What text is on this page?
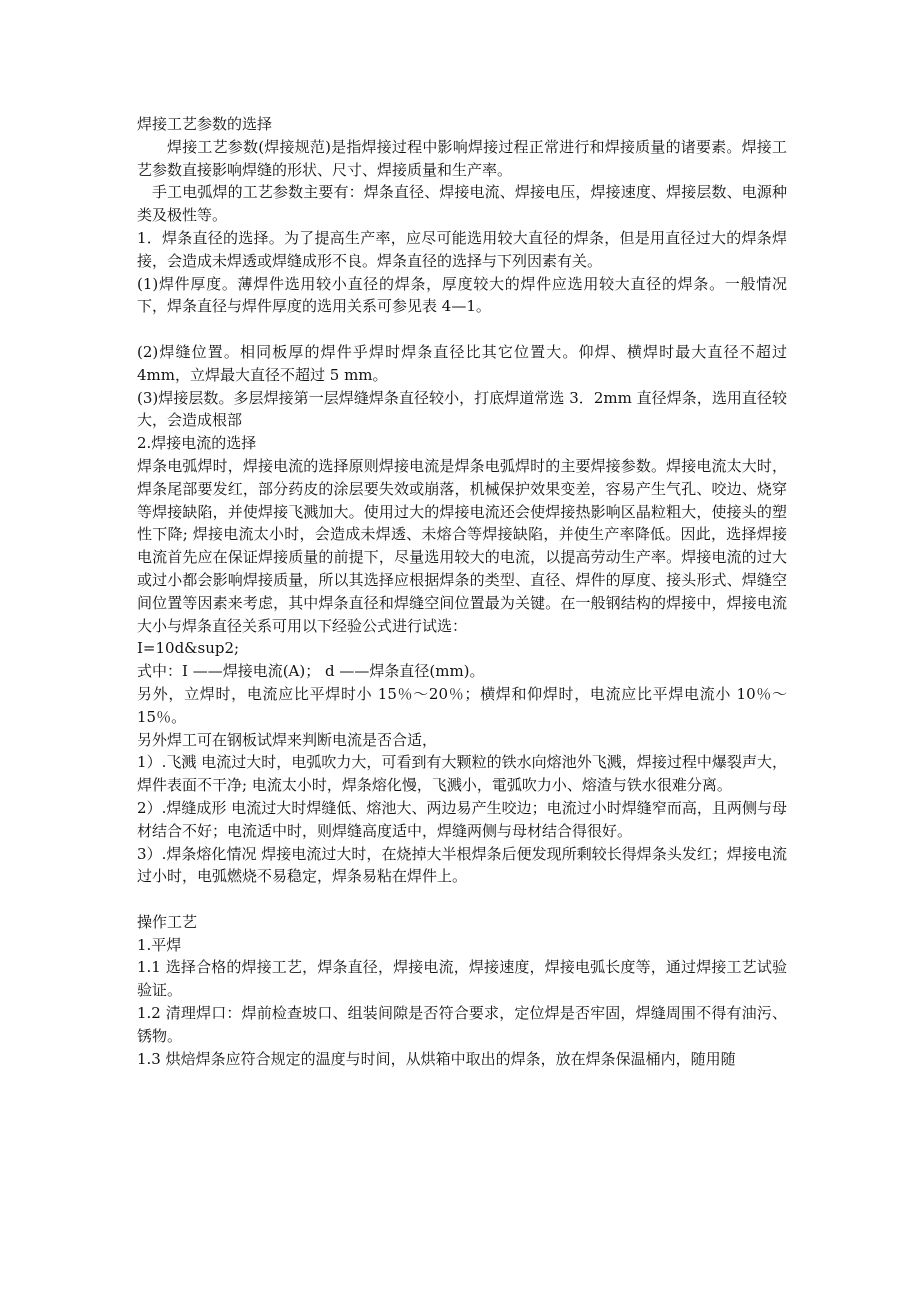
焊接工艺参数的选择

焊接工艺参数(焊接规范)是指焊接过程中影响焊接过程正常进行和焊接质量的诸要素。焊接工艺参数直接影响焊缝的形状、尺寸、焊接质量和生产率。

手工电弧焊的工艺参数主要有：焊条直径、焊接电流、焊接电压，焊接速度、焊接层数、电源种类及极性等。

1．焊条直径的选择。为了提高生产率，应尽可能选用较大直径的焊条，但是用直径过大的焊条焊接，会造成未焊透或焊缝成形不良。焊条直径的选择与下列因素有关。

(1)焊件厚度。薄焊件选用较小直径的焊条，厚度较大的焊件应选用较大直径的焊条。一般情况下，焊条直径与焊件厚度的选用关系可参见表 4—1。

(2)焊缝位置。相同板厚的焊件乎焊时焊条直径比其它位置大。仰焊、横焊时最大直径不超过 4mm，立焊最大直径不超过 5 mm。

(3)焊接层数。多层焊接第一层焊缝焊条直径较小，打底焊道常选 3．2mm 直径焊条，选用直径较大，会造成根部

2.焊接电流的选择

焊条电弧焊时，焊接电流的选择原则焊接电流是焊条电弧焊时的主要焊接参数。焊接电流太大时，焊条尾部要发红，部分药皮的涂层要失效或崩落，机械保护效果变差，容易产生气孔、咬边、烧穿等焊接缺陷，并使焊接飞溅加大。使用过大的焊接电流还会使焊接热影响区晶粒粗大，使接头的塑性下降; 焊接电流太小时，会造成未焊透、未熔合等焊接缺陷，并使生产率降低。因此，选择焊接电流首先应在保证焊接质量的前提下，尽量选用较大的电流，以提高劳动生产率。焊接电流的过大或过小都会影响焊接质量，所以其选择应根据焊条的类型、直径、焊件的厚度、接头形式、焊缝空间位置等因素来考虑，其中焊条直径和焊缝空间位置最为关键。在一般钢结构的焊接中，焊接电流大小与焊条直径关系可用以下经验公式进行试选：

I=10d&sup2;

式中：I ——焊接电流(A)； d ——焊条直径(mm)。

另外，立焊时，电流应比平焊时小 15％～20％；横焊和仰焊时，电流应比平焊电流小 10％～15％。

另外焊工可在钢板试焊来判断电流是否合适，

1）.飞溅 电流过大时，电弧吹力大，可看到有大颗粒的铁水向熔池外飞溅，焊接过程中爆裂声大，焊件表面不干净; 电流太小时，焊条熔化慢，飞溅小，電弧吹力小、熔渣与铁水很难分离。

2）.焊缝成形 电流过大时焊缝低、熔池大、两边易产生咬边；电流过小时焊缝窄而高，且两侧与母材结合不好；电流适中时，则焊缝高度适中，焊缝两侧与母材结合得很好。

3）.焊条熔化情况 焊接电流过大时，在烧掉大半根焊条后便发现所剩较长得焊条头发红；焊接电流过小时，电弧燃烧不易稳定，焊条易粘在焊件上。

操作工艺

1.平焊

1.1 选择合格的焊接工艺，焊条直径，焊接电流，焊接速度，焊接电弧长度等，通过焊接工艺试验验证。

1.2 清理焊口：焊前检查坡口、组装间隙是否符合要求，定位焊是否牢固，焊缝周围不得有油污、锈物。

1.3 烘焙焊条应符合规定的温度与时间，从烘箱中取出的焊条，放在焊条保温桶内，随用随
